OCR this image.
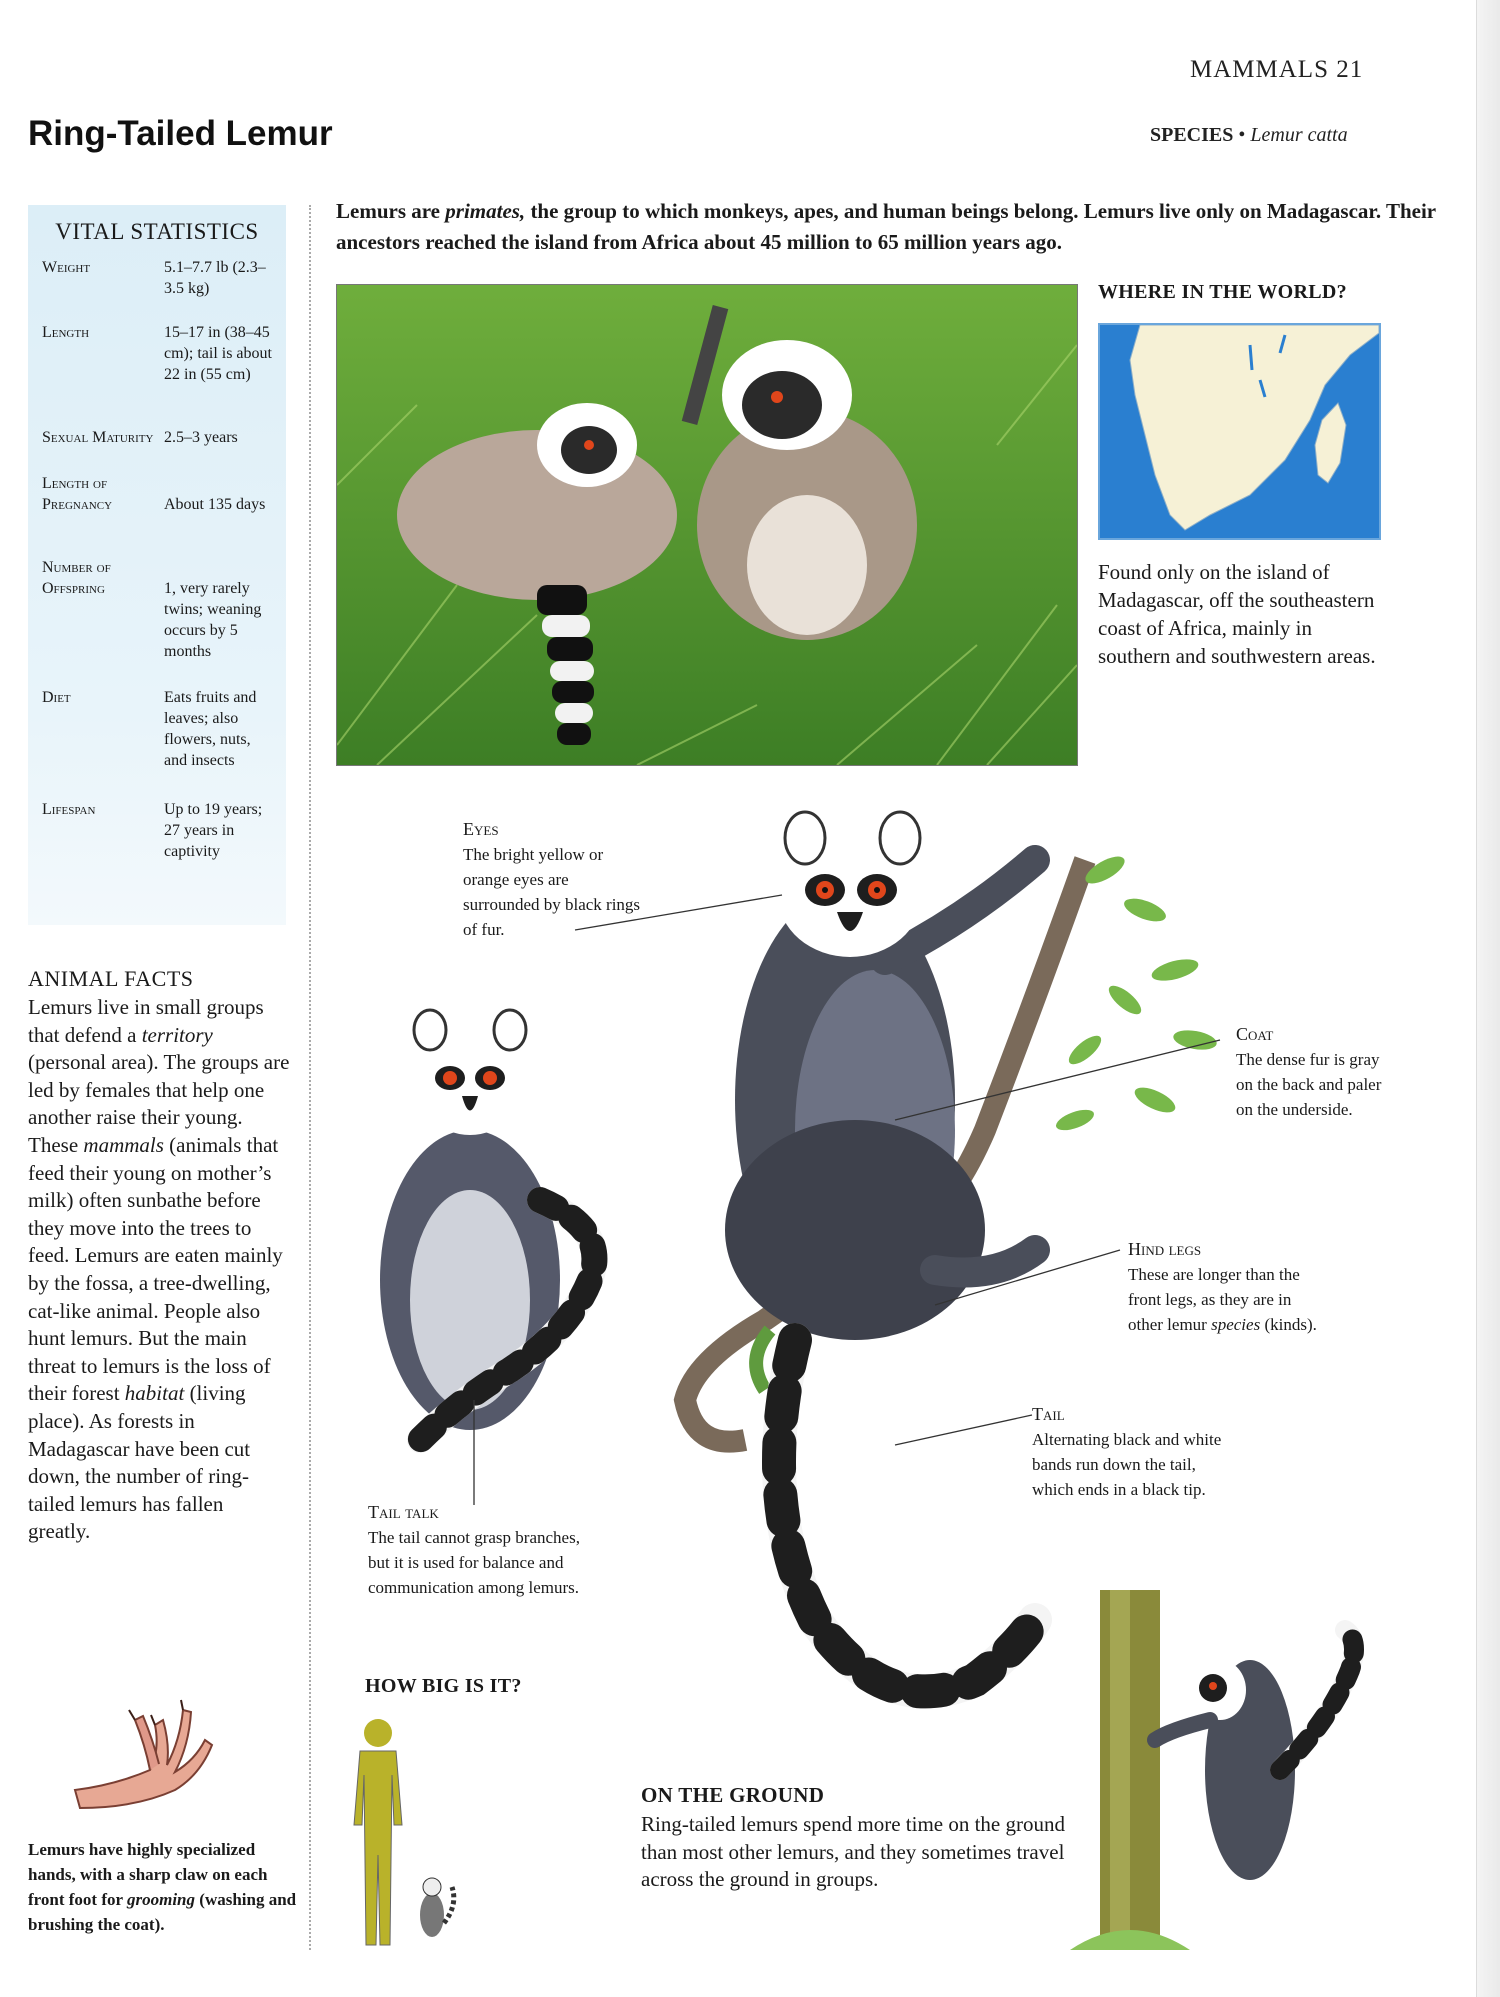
MAMMALS 21
Ring-Tailed Lemur	SPECIES • Lemur catta
VITAL STATISTICS
Weight	5.1–7.7 lb (2.3–3.5 kg)
Length	15–17 in (38–45 cm); tail is about 22 in (55 cm)
Sexual Maturity 2.5–3 years
Length of Pregnancy	About 135 days
Number of Offspring	1, very rarely twins; weaning occurs by 5 months
Diet	Eats fruits and leaves; also flowers, nuts, and insects
Lifespan	Up to 19 years; 27 years in captivity
ANIMAL FACTS
Lemurs live in small groups that defend a territory (personal area). The groups are led by females that help one another raise their young. These mammals (animals that feed their young on mother’s milk) often sunbathe before they move into the trees to feed. Lemurs are eaten mainly by the fossa, a tree-dwelling, cat-like animal. People also hunt lemurs. But the main threat to lemurs is the loss of their forest habitat (living place). As forests in Madagascar have been cut down, the number of ring-tailed lemurs has fallen greatly.
Lemurs have highly specialized hands, with a sharp claw on each front foot for grooming (washing and brushing the coat).
Lemurs are primates, the group to which monkeys, apes, and human beings belong. Lemurs live only on Madagascar. Their ancestors reached the island from Africa about 45 million to 65 million years ago.
WHERE IN THE WORLD?
Found only on the island of Madagascar, off the southeastern coast of Africa, mainly in southern and southwestern areas.
HOW BIG IS IT?
Eyes
The bright yellow or orange eyes are surrounded by black rings of fur.
Coat
The dense fur is gray on the back and paler on the underside.
Hind legs
These are longer than the front legs, as they are in other lemur species (kinds).
Tail
Alternating black and white bands run down the tail, which ends in a black tip.
Tail talk
The tail cannot grasp branches, but it is used for balance and communication among lemurs.
ON THE GROUND
Ring-tailed lemurs spend more time on the ground than most other lemurs, and they sometimes travel across the ground in groups.
